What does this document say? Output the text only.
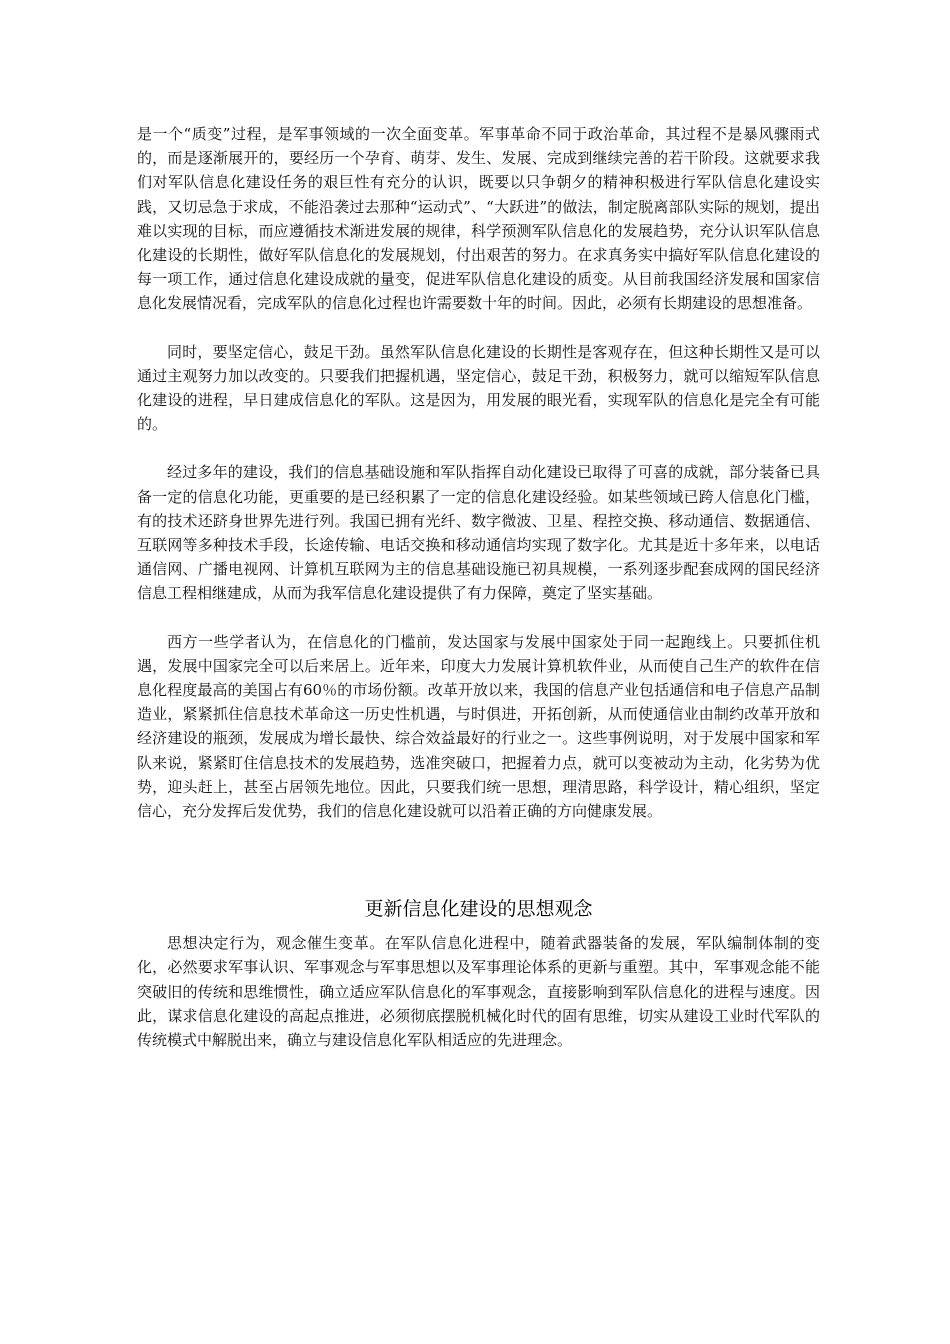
是一个“质变”过程，是军事领域的一次全面变革。军事革命不同于政治革命，其过程不是暴风骤雨式的，而是逐渐展开的，要经历一个孕育、萌芽、发生、发展、完成到继续完善的若干阶段。这就要求我们对军队信息化建设任务的艰巨性有充分的认识，既要以只争朝夕的精神积极进行军队信息化建设实践，又切忌急于求成，不能沿袭过去那种“运动式”、“大跃进”的做法，制定脱离部队实际的规划，提出难以实现的目标，而应遵循技术渐进发展的规律，科学预测军队信息化的发展趋势，充分认识军队信息化建设的长期性，做好军队信息化的发展规划，付出艰苦的努力。在求真务实中搞好军队信息化建设的每一项工作，通过信息化建设成就的量变，促进军队信息化建设的质变。从目前我国经济发展和国家信息化发展情况看，完成军队的信息化过程也许需要数十年的时间。因此，必须有长期建设的思想准备。

同时，要坚定信心，鼓足干劲。虽然军队信息化建设的长期性是客观存在，但这种长期性又是可以通过主观努力加以改变的。只要我们把握机遇，坚定信心，鼓足干劲，积极努力，就可以缩短军队信息化建设的进程，早日建成信息化的军队。这是因为，用发展的眼光看，实现军队的信息化是完全有可能的。

经过多年的建设，我们的信息基础设施和军队指挥自动化建设已取得了可喜的成就，部分装备已具备一定的信息化功能，更重要的是已经积累了一定的信息化建设经验。如某些领域已跨人信息化门槛，有的技术还跻身世界先进行列。我国已拥有光纤、数字微波、卫星、程控交换、移动通信、数据通信、互联网等多种技术手段，长途传输、电话交换和移动通信均实现了数字化。尤其是近十多年来，以电话通信网、广播电视网、计算机互联网为主的信息基础设施已初具规模，一系列逐步配套成网的国民经济信息工程相继建成，从而为我军信息化建设提供了有力保障，奠定了坚实基础。

西方一些学者认为，在信息化的门槛前，发达国家与发展中国家处于同一起跑线上。只要抓住机遇，发展中国家完全可以后来居上。近年来，印度大力发展计算机软件业，从而使自己生产的软件在信息化程度最高的美国占有60％的市场份额。改革开放以来，我国的信息产业包括通信和电子信息产品制造业，紧紧抓住信息技术革命这一历史性机遇，与时俱进，开拓创新，从而使通信业由制约改革开放和经济建设的瓶颈，发展成为增长最快、综合效益最好的行业之一。这些事例说明，对于发展中国家和军队来说，紧紧盯住信息技术的发展趋势，选准突破口，把握着力点，就可以变被动为主动，化劣势为优势，迎头赶上，甚至占居领先地位。因此，只要我们统一思想，理清思路，科学设计，精心组织，坚定信心，充分发挥后发优势，我们的信息化建设就可以沿着正确的方向健康发展。

更新信息化建设的思想观念

思想决定行为，观念催生变革。在军队信息化进程中，随着武器装备的发展，军队编制体制的变化，必然要求军事认识、军事观念与军事思想以及军事理论体系的更新与重塑。其中，军事观念能不能突破旧的传统和思维惯性，确立适应军队信息化的军事观念，直接影响到军队信息化的进程与速度。因此，谋求信息化建设的高起点推进，必须彻底摆脱机械化时代的固有思维，切实从建设工业时代军队的传统模式中解脱出来，确立与建设信息化军队相适应的先进理念。
